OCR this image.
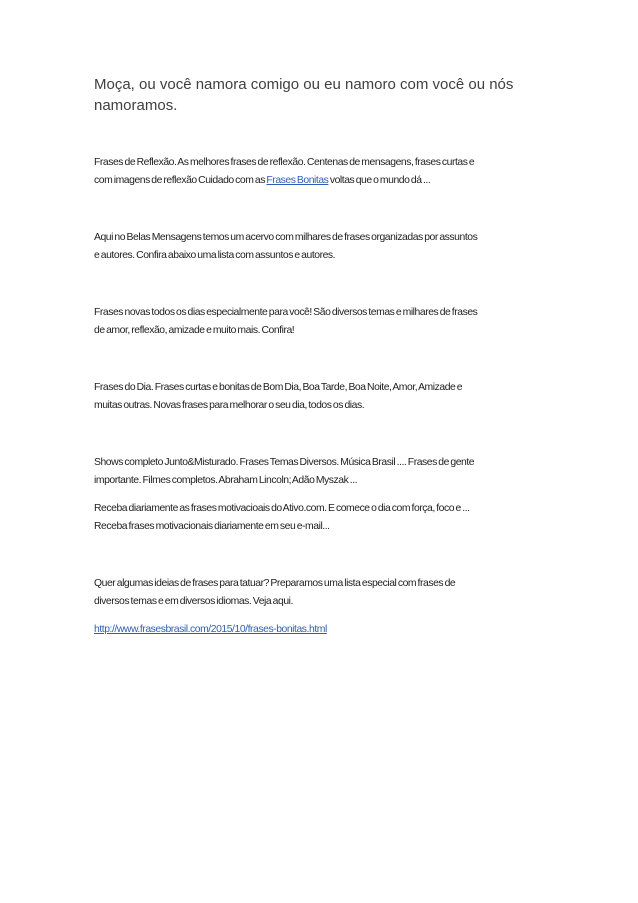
Moça, ou você namora comigo ou eu namoro com você ou nós namoramos.

Frases de Reflexão. As melhores frases de reflexão. Centenas de mensagens, frases curtas e
com imagens de reflexão Cuidado com as Frases Bonitas voltas que o mundo dá ...

Aqui no Belas Mensagens temos um acervo com milhares de frases organizadas por assuntos
e autores. Confira abaixo uma lista com assuntos e autores.

Frases novas todos os dias especialmente para você! São diversos temas e milhares de frases
de amor, reflexão, amizade e muito mais. Confira!

Frases do Dia. Frases curtas e bonitas de Bom Dia, Boa Tarde, Boa Noite, Amor, Amizade e
muitas outras. Novas frases para melhorar o seu dia, todos os dias.

Shows completo Junto&Misturado. Frases Temas Diversos. Música Brasil .... Frases de gente
importante. Filmes completos. Abraham Lincoln; Adão Myszak ...

Receba diariamente as frases motivacioais do Ativo.com. E comece o dia com força, foco e ...
Receba frases motivacionais diariamente em seu e-mail...

Quer algumas ideias de frases para tatuar? Preparamos uma lista especial com frases de
diversos temas e em diversos idiomas. Veja aqui.

http://www.frasesbrasil.com/2015/10/frases-bonitas.html
